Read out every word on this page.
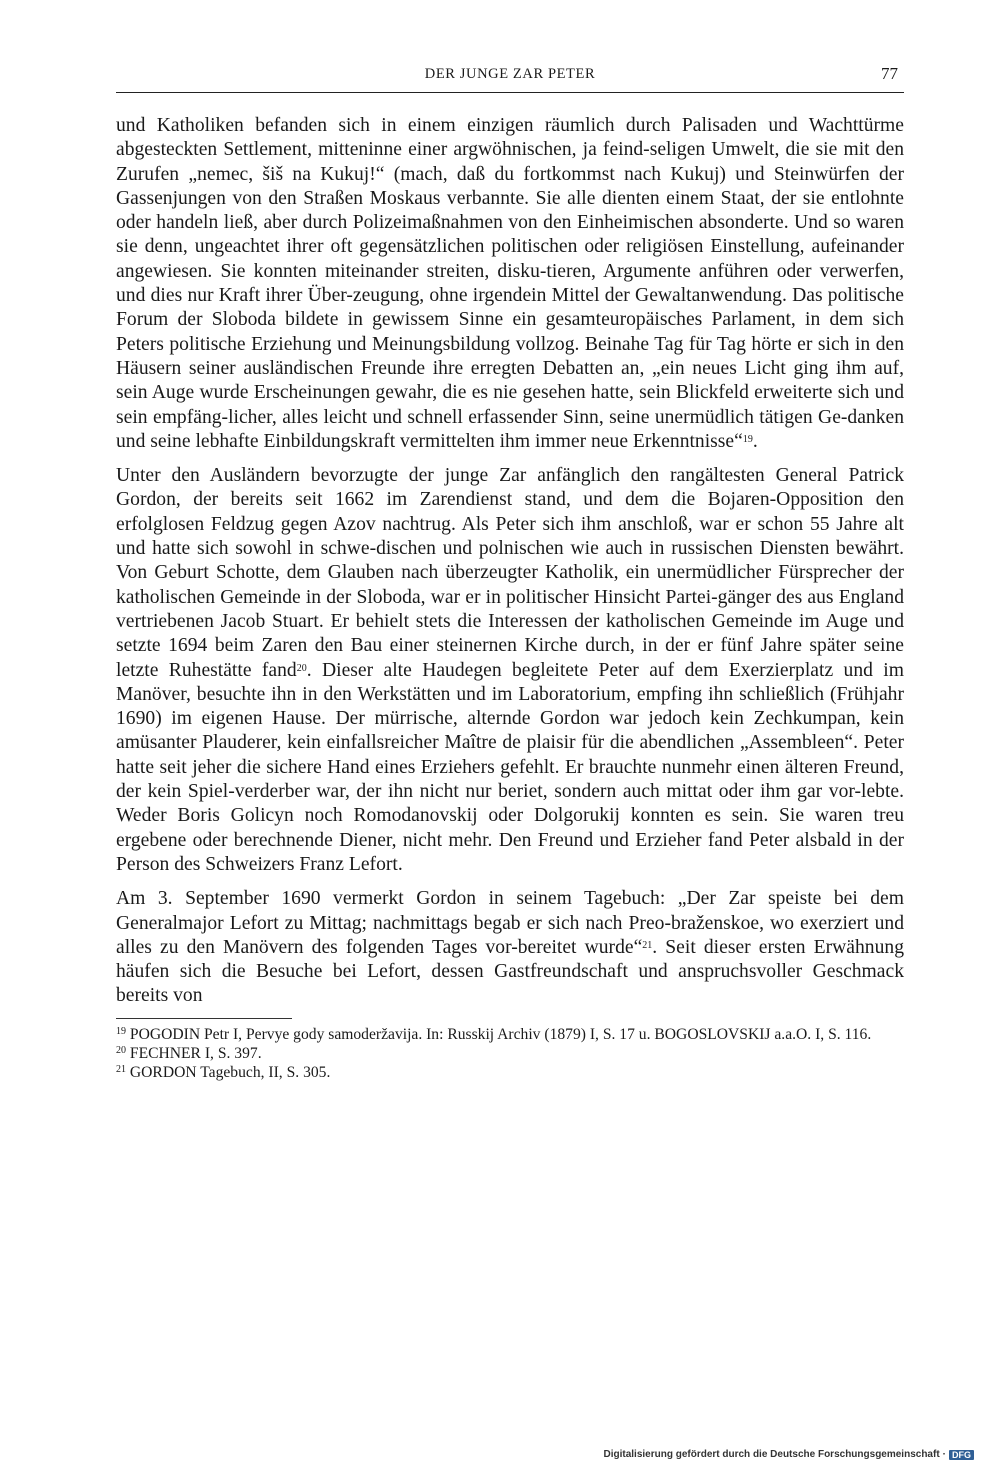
DER JUNGE ZAR PETER	77

und Katholiken befanden sich in einem einzigen räumlich durch Palisaden und Wachttürme abgesteckten Settlement, mitteninne einer argwöhnischen, ja feind-seligen Umwelt, die sie mit den Zurufen „nemec, šiš na Kukuj!“ (mach, daß du fortkommst nach Kukuj) und Steinwürfen der Gassenjungen von den Straßen Moskaus verbannte. Sie alle dienten einem Staat, der sie entlohnte oder handeln ließ, aber durch Polizeimaßnahmen von den Einheimischen absonderte. Und so waren sie denn, ungeachtet ihrer oft gegensätzlichen politischen oder religiösen Einstellung, aufeinander angewiesen. Sie konnten miteinander streiten, disku-tieren, Argumente anführen oder verwerfen, und dies nur Kraft ihrer Über-zeugung, ohne irgendein Mittel der Gewaltanwendung. Das politische Forum der Sloboda bildete in gewissem Sinne ein gesamteuropäisches Parlament, in dem sich Peters politische Erziehung und Meinungsbildung vollzog. Beinahe Tag für Tag hörte er sich in den Häusern seiner ausländischen Freunde ihre erregten Debatten an, „ein neues Licht ging ihm auf, sein Auge wurde Erscheinungen gewahr, die es nie gesehen hatte, sein Blickfeld erweiterte sich und sein empfäng-licher, alles leicht und schnell erfassender Sinn, seine unermüdlich tätigen Ge-danken und seine lebhafte Einbildungskraft vermittelten ihm immer neue Erkenntnisse“$^{19}$.

Unter den Ausländern bevorzugte der junge Zar anfänglich den rangältesten General Patrick Gordon, der bereits seit 1662 im Zarendienst stand, und dem die Bojaren-Opposition den erfolglosen Feldzug gegen Azov nachtrug. Als Peter sich ihm anschloß, war er schon 55 Jahre alt und hatte sich sowohl in schwe-dischen und polnischen wie auch in russischen Diensten bewährt. Von Geburt Schotte, dem Glauben nach überzeugter Katholik, ein unermüdlicher Fürsprecher der katholischen Gemeinde in der Sloboda, war er in politischer Hinsicht Partei-gänger des aus England vertriebenen Jacob Stuart. Er behielt stets die Interessen der katholischen Gemeinde im Auge und setzte 1694 beim Zaren den Bau einer steinernen Kirche durch, in der er fünf Jahre später seine letzte Ruhestätte fand$^{20}$. Dieser alte Haudegen begleitete Peter auf dem Exerzierplatz und im Manöver, besuchte ihn in den Werkstätten und im Laboratorium, empfing ihn schließlich (Frühjahr 1690) im eigenen Hause. Der mürrische, alternde Gordon war jedoch kein Zechkumpan, kein amüsanter Plauderer, kein einfallsreicher Maître de plaisir für die abendlichen „Assembleen“. Peter hatte seit jeher die sichere Hand eines Erziehers gefehlt. Er brauchte nunmehr einen älteren Freund, der kein Spiel-verderber war, der ihn nicht nur beriet, sondern auch mittat oder ihm gar vor-lebte. Weder Boris Golicyn noch Romodanovskij oder Dolgorukij konnten es sein. Sie waren treu ergebene oder berechnende Diener, nicht mehr. Den Freund und Erzieher fand Peter alsbald in der Person des Schweizers Franz Lefort.

Am 3. September 1690 vermerkt Gordon in seinem Tagebuch: „Der Zar speiste bei dem Generalmajor Lefort zu Mittag; nachmittags begab er sich nach Preo-braženskoe, wo exerziert und alles zu den Manövern des folgenden Tages vor-bereitet wurde“$^{21}$. Seit dieser ersten Erwähnung häufen sich die Besuche bei Lefort, dessen Gastfreundschaft und anspruchsvoller Geschmack bereits von

$^{19}$ POGODIN Petr I, Pervye gody samoderžavija. In: Russkij Archiv (1879) I, S. 17 u. BOGOSLOVSKIJ a.a.O. I, S. 116.

$^{20}$ FECHNER I, S. 397.

$^{21}$ GORDON Tagebuch, II, S. 305.

Digitalisierung gefördert durch die Deutsche Forschungsgemeinschaft · DFG
